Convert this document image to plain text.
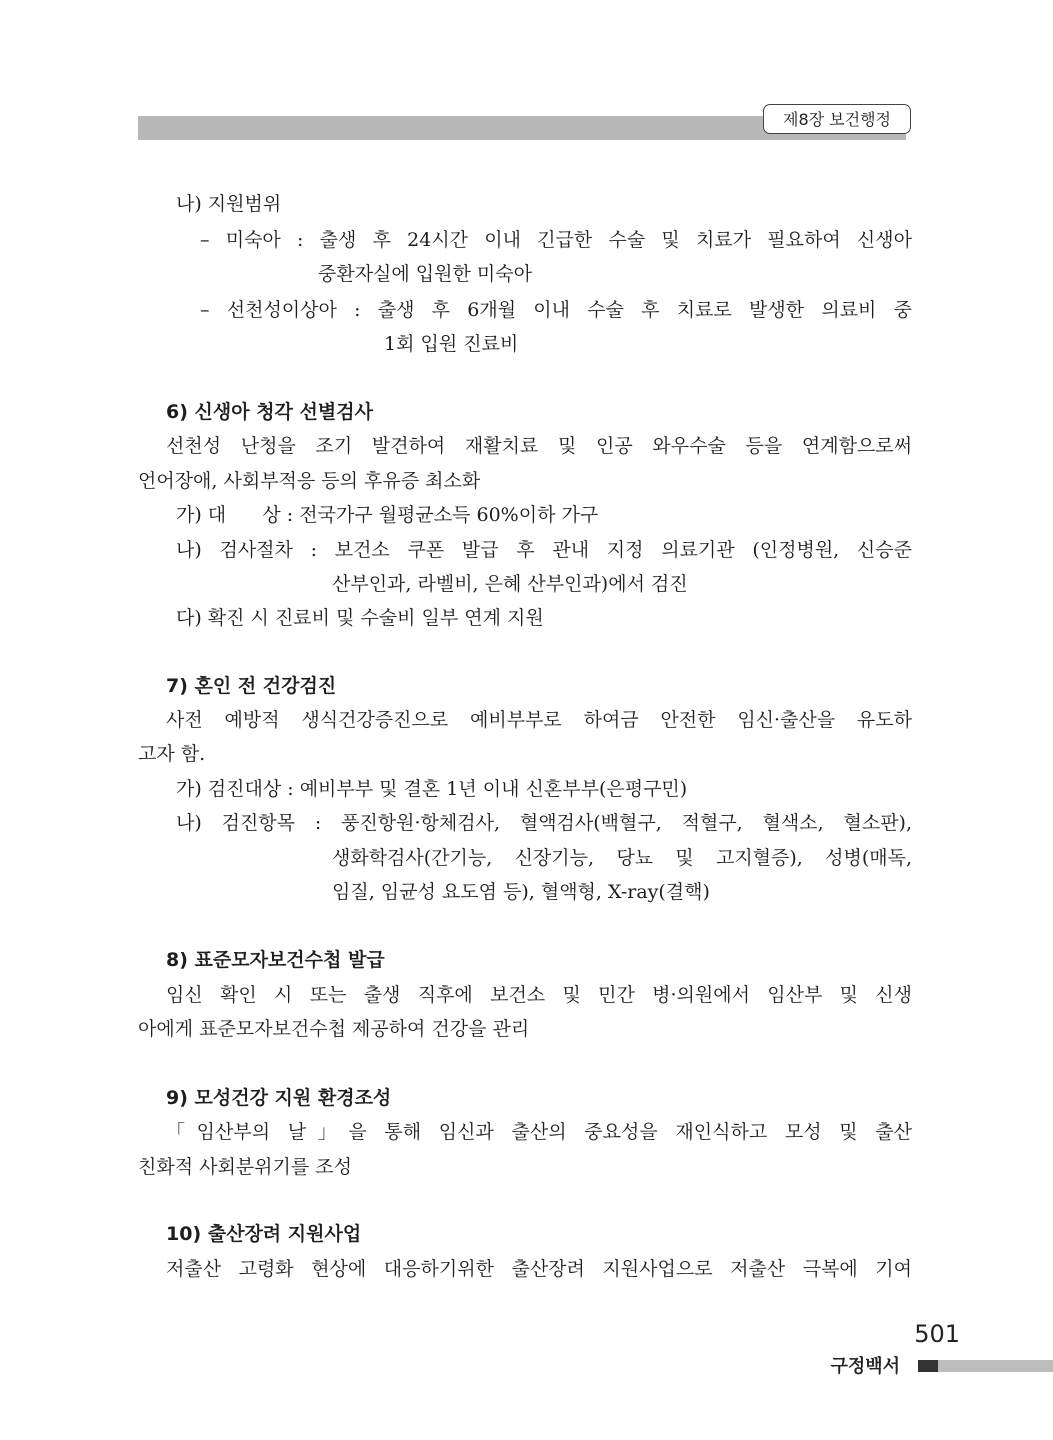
제8장 보건행정
나) 지원범위
– 미숙아 : 출생 후 24시간 이내 긴급한 수술 및 치료가 필요하여 신생아
중환자실에 입원한 미숙아
– 선천성이상아 : 출생 후 6개월 이내 수술 후 치료로 발생한 의료비 중
1회 입원 진료비
6) 신생아 청각 선별검사
선천성 난청을 조기 발견하여 재활치료 및 인공 와우수술 등을 연계함으로써
언어장애, 사회부적응 등의 후유증 최소화
가) 대      상 : 전국가구 월평균소득 60%이하 가구
나) 검사절차 : 보건소 쿠폰 발급 후 관내 지정 의료기관 (인정병원, 신승준
산부인과, 라벨비, 은혜 산부인과)에서 검진
다) 확진 시 진료비 및 수술비 일부 연계 지원
7) 혼인 전 건강검진
사전 예방적 생식건강증진으로 예비부부로 하여금 안전한 임신·출산을 유도하
고자 함.
가) 검진대상 : 예비부부 및 결혼 1년 이내 신혼부부(은평구민)
나) 검진항목 : 풍진항원·항체검사, 혈액검사(백혈구, 적혈구, 혈색소, 혈소판),
생화학검사(간기능, 신장기능, 당뇨 및 고지혈증), 성병(매독,
임질, 임균성 요도염 등), 혈액형, X-ray(결핵)
8) 표준모자보건수첩 발급
임신 확인 시 또는 출생 직후에 보건소 및 민간 병·의원에서 임산부 및 신생
아에게 표준모자보건수첩 제공하여 건강을 관리
9) 모성건강 지원 환경조성
「임산부의 날」을 통해 임신과 출산의 중요성을 재인식하고 모성 및 출산
친화적 사회분위기를 조성
10) 출산장려 지원사업
저출산 고령화 현상에 대응하기위한 출산장려 지원사업으로 저출산 극복에 기여
501
구정백서
